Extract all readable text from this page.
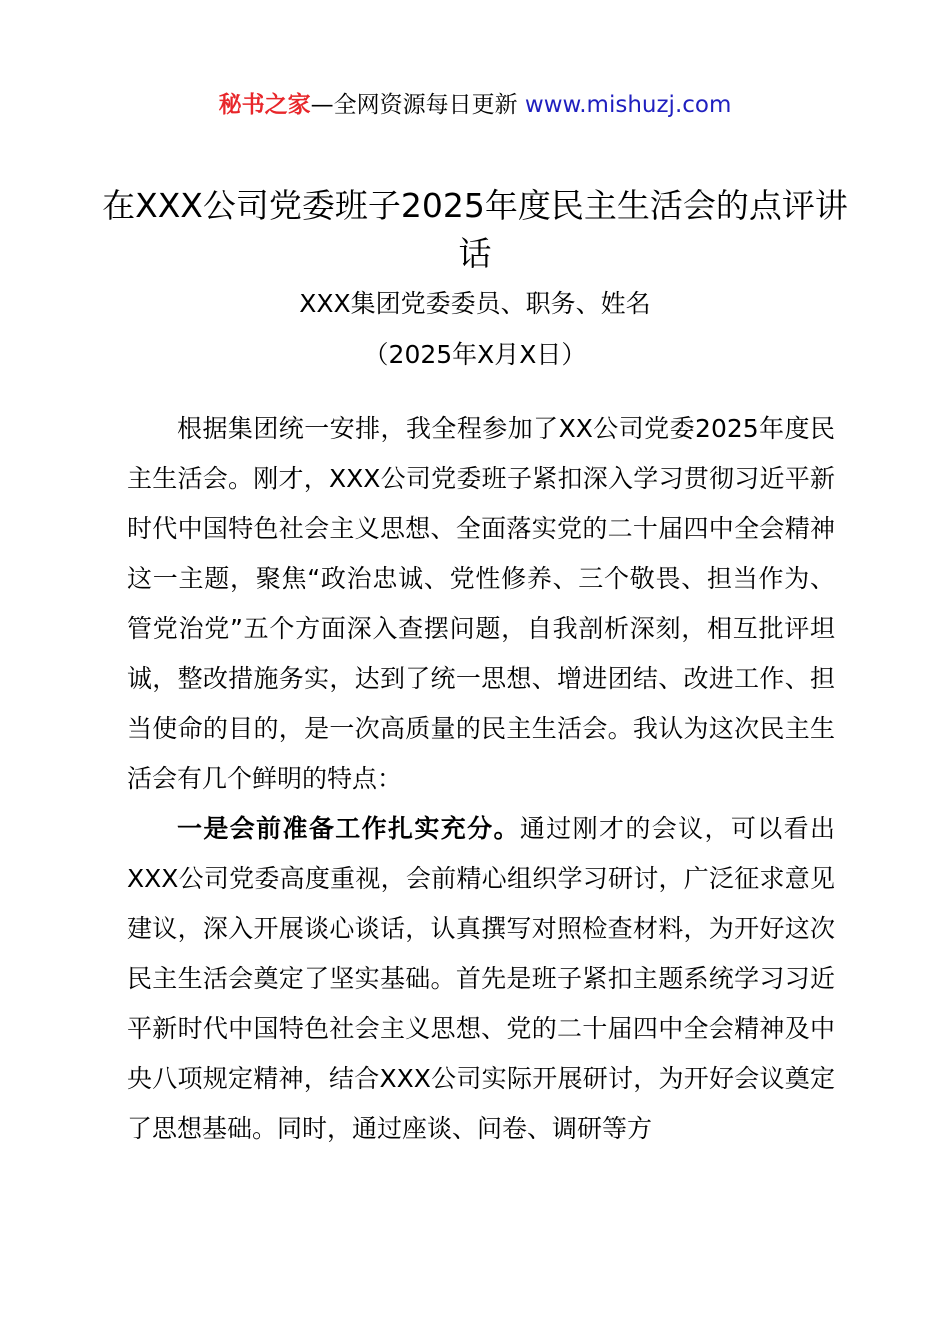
秘书之家—全网资源每日更新 www.mishuzj.com
在XXX公司党委班子2025年度民主生活会的点评讲话
XXX集团党委委员、职务、姓名
（2025年X月X日）

根据集团统一安排，我全程参加了XX公司党委2025年度民主生活会。刚才，XXX公司党委班子紧扣深入学习贯彻习近平新时代中国特色社会主义思想、全面落实党的二十届四中全会精神这一主题，聚焦“政治忠诚、党性修养、三个敬畏、担当作为、管党治党”五个方面深入查摆问题，自我剖析深刻，相互批评坦诚，整改措施务实，达到了统一思想、增进团结、改进工作、担当使命的目的，是一次高质量的民主生活会。我认为这次民主生活会有几个鲜明的特点：

一是会前准备工作扎实充分。通过刚才的会议，可以看出XXX公司党委高度重视，会前精心组织学习研讨，广泛征求意见建议，深入开展谈心谈话，认真撰写对照检查材料，为开好这次民主生活会奠定了坚实基础。首先是班子紧扣主题系统学习习近平新时代中国特色社会主义思想、党的二十届四中全会精神及中央八项规定精神，结合XXX公司实际开展研讨，为开好会议奠定了思想基础。同时，通过座谈、问卷、调研等方
